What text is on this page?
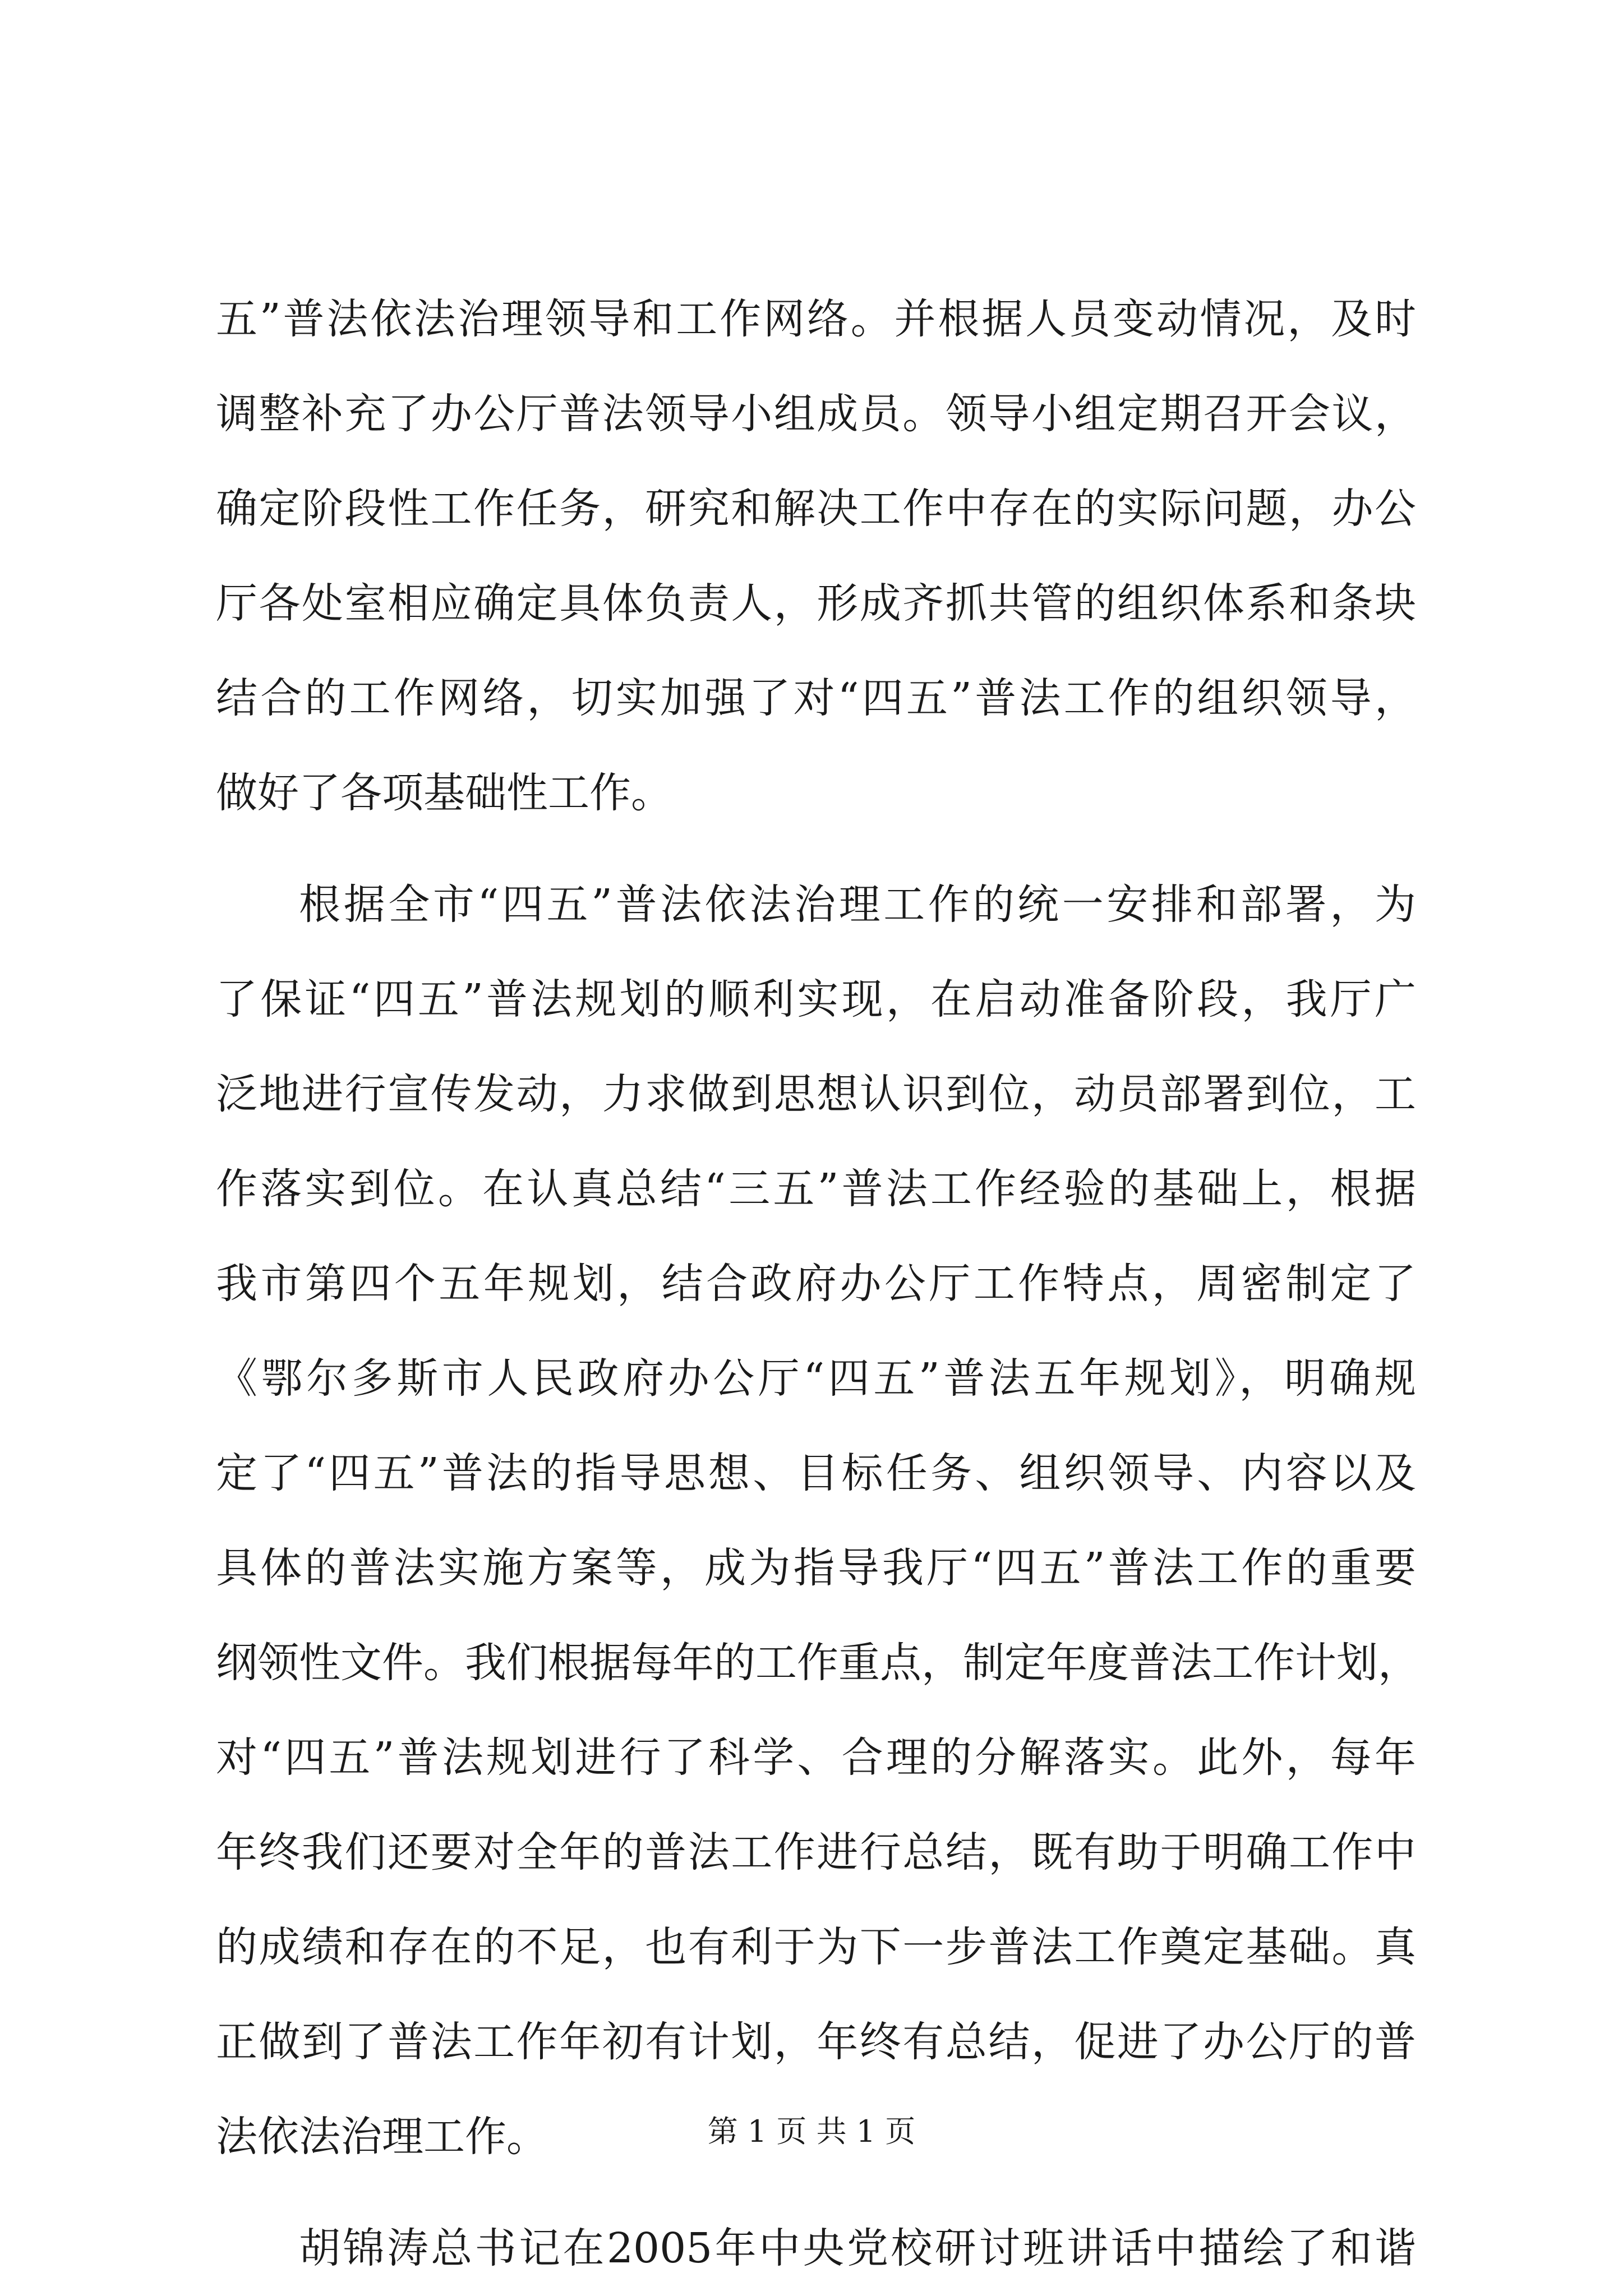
五”普法依法治理领导和工作网络。并根据人员变动情况，及时
调整补充了办公厅普法领导小组成员。领导小组定期召开会议，
确定阶段性工作任务，研究和解决工作中存在的实际问题，办公
厅各处室相应确定具体负责人，形成齐抓共管的组织体系和条块
结合的工作网络，切实加强了对“四五”普法工作的组织领导，
做好了各项基础性工作。
根据全市“四五”普法依法治理工作的统一安排和部署，为
了保证“四五”普法规划的顺利实现，在启动准备阶段，我厅广
泛地进行宣传发动，力求做到思想认识到位，动员部署到位，工
作落实到位。在认真总结“三五”普法工作经验的基础上，根据
我市第四个五年规划，结合政府办公厅工作特点，周密制定了
《鄂尔多斯市人民政府办公厅“四五”普法五年规划》，明确规
定了“四五”普法的指导思想、目标任务、组织领导、内容以及
具体的普法实施方案等，成为指导我厅“四五”普法工作的重要
纲领性文件。我们根据每年的工作重点，制定年度普法工作计划，
对“四五”普法规划进行了科学、合理的分解落实。此外，每年
年终我们还要对全年的普法工作进行总结，既有助于明确工作中
的成绩和存在的不足，也有利于为下一步普法工作奠定基础。真
正做到了普法工作年初有计划，年终有总结，促进了办公厅的普
法依法治理工作。
胡锦涛总书记在2005年中央党校研讨班讲话中描绘了和谐
第 1 页 共 1 页
